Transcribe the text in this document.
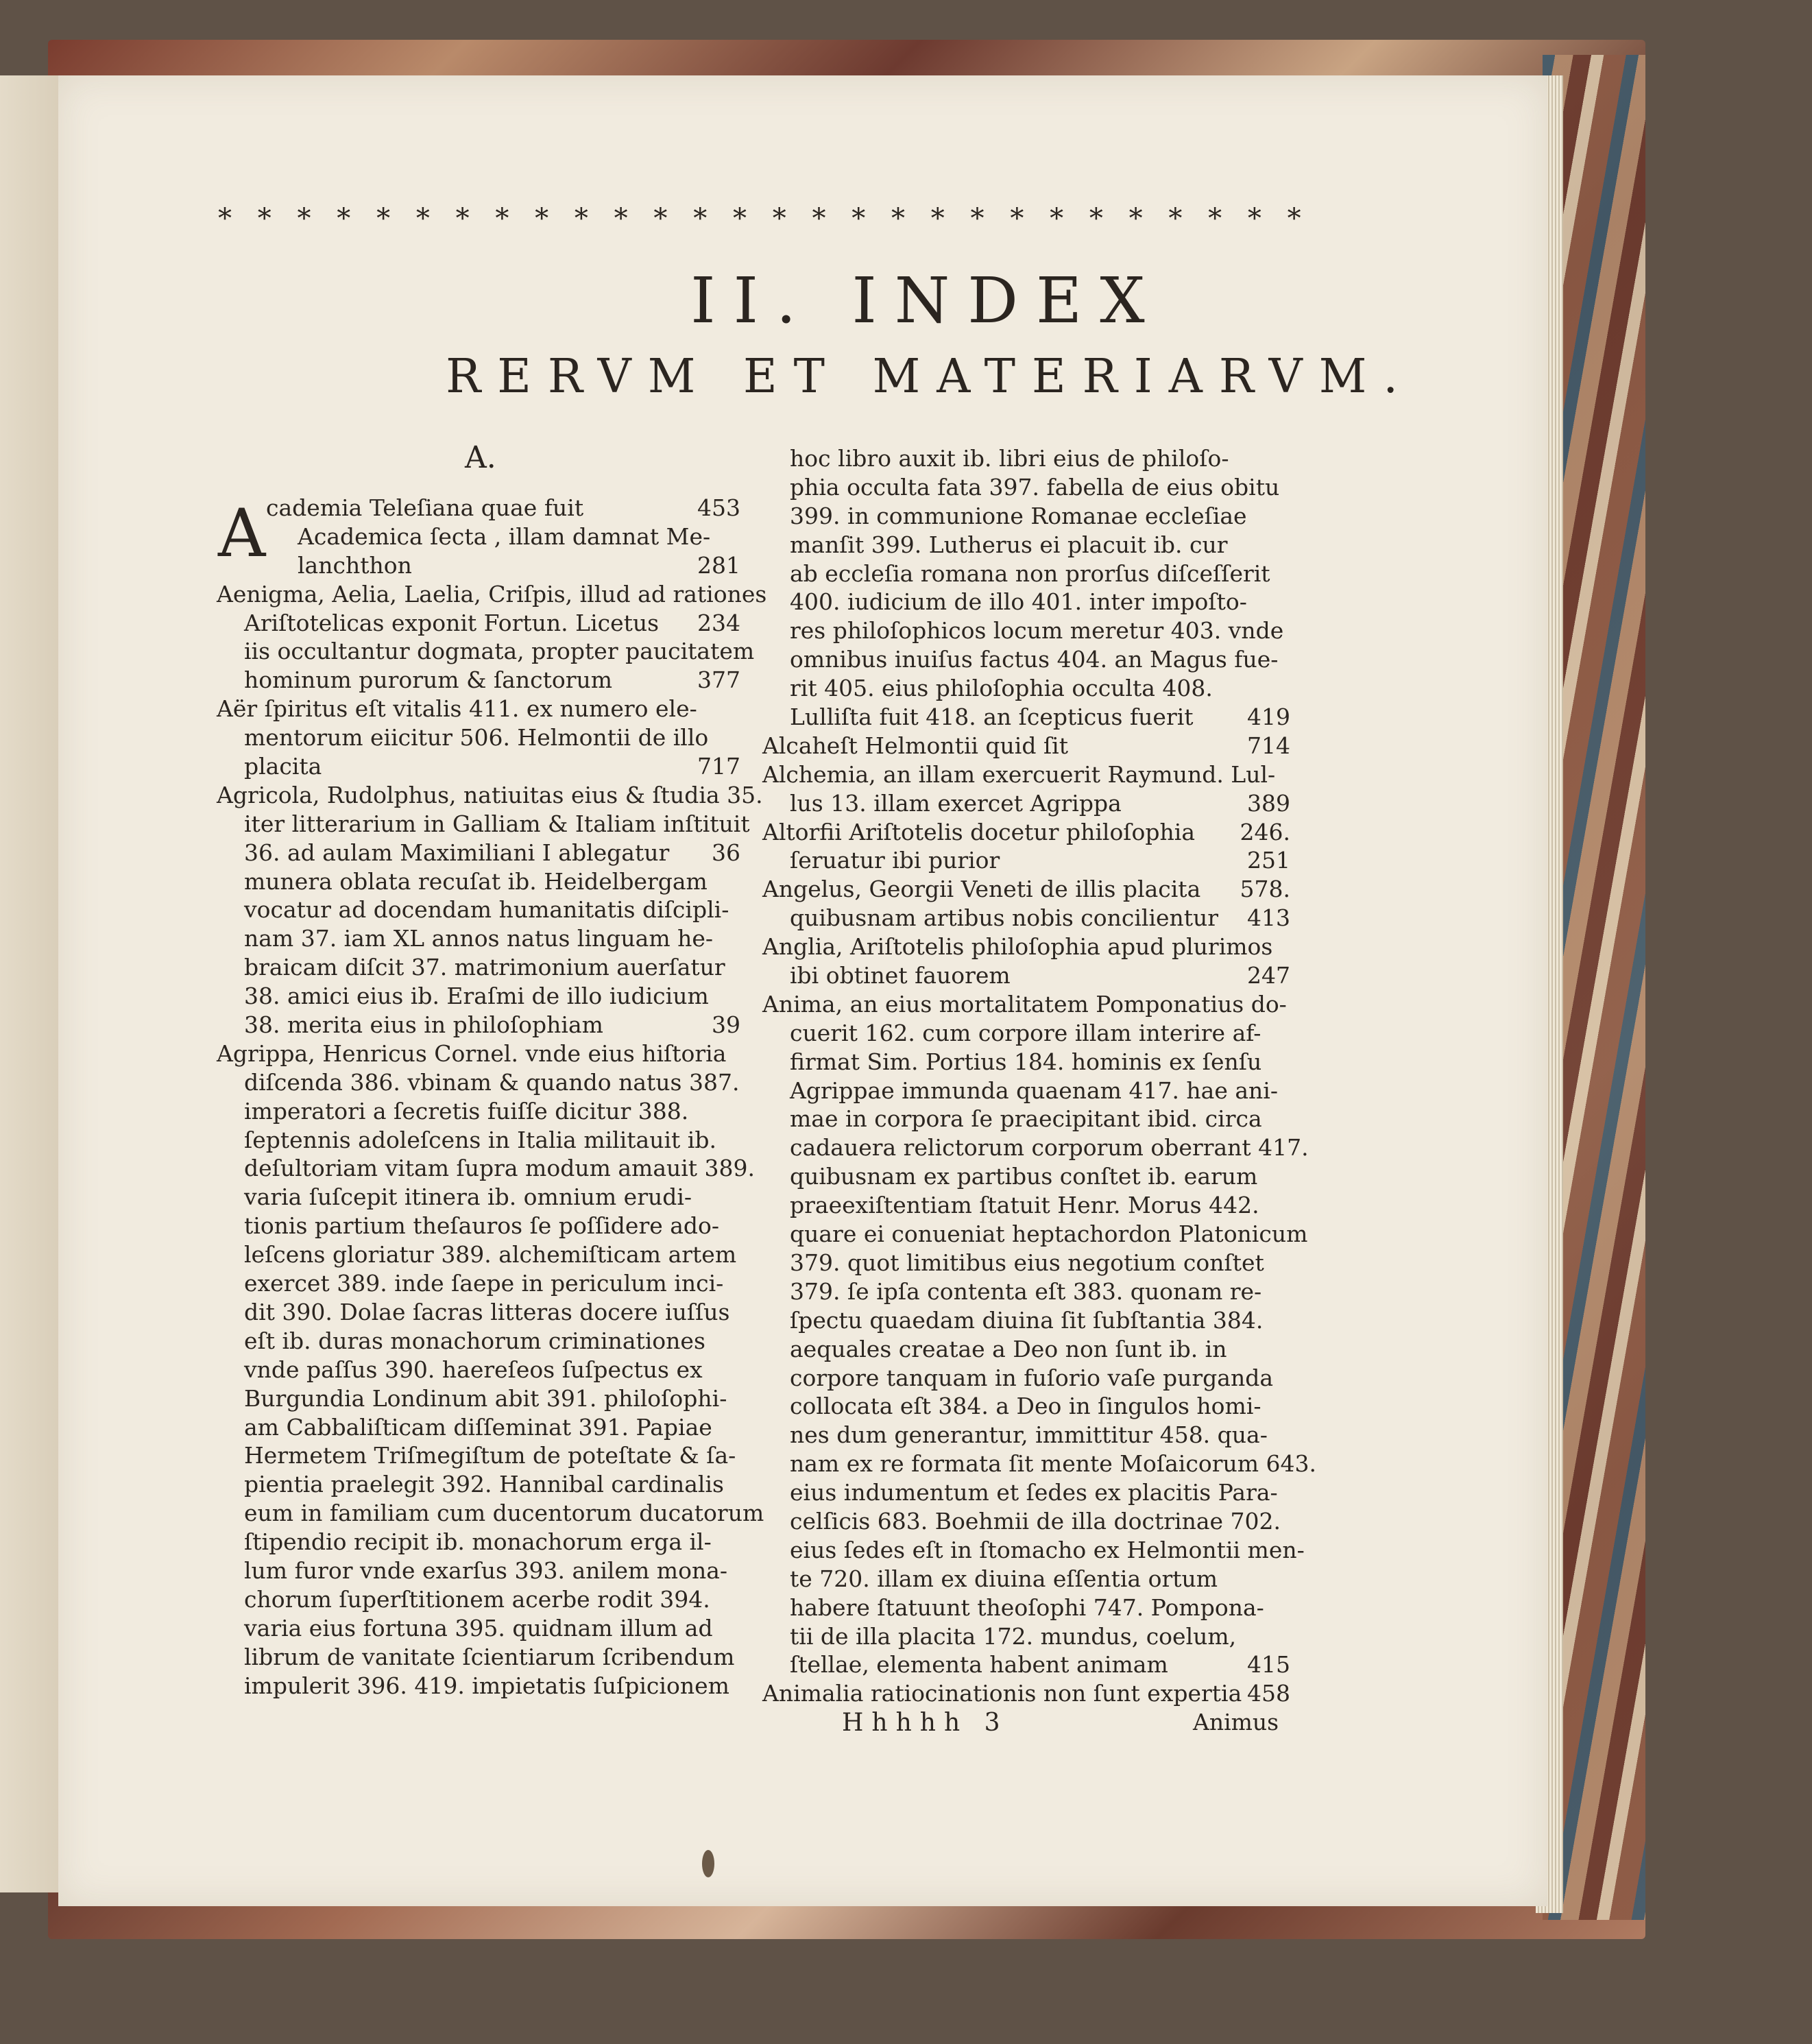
* * * * * * * * * * * * * * * * * * * * * * * * * * * *
II. INDEX
RERVM ET MATERIARVM.
A.
A cademia Teleſiana quae fuit	453
Academica ſecta , illam damnat Me-
lanchthon	281
Aenigma, Aelia, Laelia, Criſpis, illud ad rationes
Ariſtotelicas exponit Fortun. Licetus 234
iis occultantur dogmata, propter paucitatem
hominum purorum & ſanctorum	377
Aër ſpiritus eſt vitalis 411. ex numero ele-
mentorum eiicitur 506. Helmontii de illo
placita	717
Agricola, Rudolphus, natiuitas eius & ſtudia 35.
iter litterarium in Galliam & Italiam inſtituit
36. ad aulam Maximiliani I ablegatur 36
munera oblata recuſat ib. Heidelbergam
vocatur ad docendam humanitatis diſcipli-
nam 37. iam XL annos natus linguam he-
braicam diſcit 37. matrimonium auerſatur
38. amici eius ib. Eraſmi de illo iudicium
38. merita eius in philoſophiam	39
Agrippa, Henricus Cornel. vnde eius hiſtoria
diſcenda 386. vbinam & quando natus 387.
imperatori a ſecretis fuiſſe dicitur 388.
ſeptennis adoleſcens in Italia militauit ib.
deſultoriam vitam ſupra modum amauit 389.
varia ſuſcepit itinera ib. omnium erudi-
tionis partium theſauros ſe poſſidere ado-
leſcens gloriatur 389. alchemiſticam artem
exercet 389. inde ſaepe in periculum inci-
dit 390. Dolae ſacras litteras docere iuſſus
eſt ib. duras monachorum criminationes
vnde paſſus 390. haereſeos ſuſpectus ex
Burgundia Londinum abit 391. philoſophi-
am Cabbaliſticam diſſeminat 391. Papiae
Hermetem Triſmegiſtum de poteſtate & ſa-
pientia praelegit 392. Hannibal cardinalis
eum in familiam cum ducentorum ducatorum
ſtipendio recipit ib. monachorum erga il-
lum furor vnde exarſus 393. anilem mona-
chorum ſuperſtitionem acerbe rodit 394.
varia eius fortuna 395. quidnam illum ad
librum de vanitate ſcientiarum ſcribendum
impulerit 396. 419. impietatis ſuſpicionem
hoc libro auxit ib. libri eius de philoſo-
phia occulta fata 397. fabella de eius obitu
399. in communione Romanae eccleſiae
manſit 399. Lutherus ei placuit ib. cur
ab eccleſia romana non prorſus diſceſſerit
400. iudicium de illo 401. inter impoſto-
res philoſophicos locum meretur 403. vnde
omnibus inuiſus factus 404. an Magus fue-
rit 405. eius philoſophia occulta 408.
Lulliſta fuit 418. an ſcepticus fuerit 419
Alcaheſt Helmontii quid ſit	714
Alchemia, an illam exercuerit Raymund. Lul-
lus 13. illam exercet Agrippa	389
Altorfii Ariſtotelis docetur philoſophia 246.
ſeruatur ibi purior	251
Angelus, Georgii Veneti de illis placita 578.
quibusnam artibus nobis concilientur 413
Anglia, Ariſtotelis philoſophia apud plurimos
ibi obtinet fauorem	247
Anima, an eius mortalitatem Pomponatius do-
cuerit 162. cum corpore illam interire af-
firmat Sim. Portius 184. hominis ex ſenſu
Agrippae immunda quaenam 417. hae ani-
mae in corpora ſe praecipitant ibid. circa
cadauera relictorum corporum oberrant 417.
quibusnam ex partibus conſtet ib. earum
praeexiſtentiam ſtatuit Henr. Morus 442.
quare ei conueniat heptachordon Platonicum
379. quot limitibus eius negotium conſtet
379. ſe ipſa contenta eſt 383. quonam re-
ſpectu quaedam diuina ſit ſubſtantia 384.
aequales creatae a Deo non ſunt ib. in
corpore tanquam in fuſorio vaſe purganda
collocata eſt 384. a Deo in ſingulos homi-
nes dum generantur, immittitur 458. qua-
nam ex re formata ſit mente Moſaicorum 643.
eius indumentum et ſedes ex placitis Para-
celſicis 683. Boehmii de illa doctrinae 702.
eius ſedes eſt in ſtomacho ex Helmontii men-
te 720. illam ex diuina eſſentia ortum
habere ſtatuunt theoſophi 747. Pompona-
tii de illa placita 172. mundus, coelum,
ſtellae, elementa habent animam	415
Animalia ratiocinationis non ſunt expertia 458
Hhhhh 3	Animus
